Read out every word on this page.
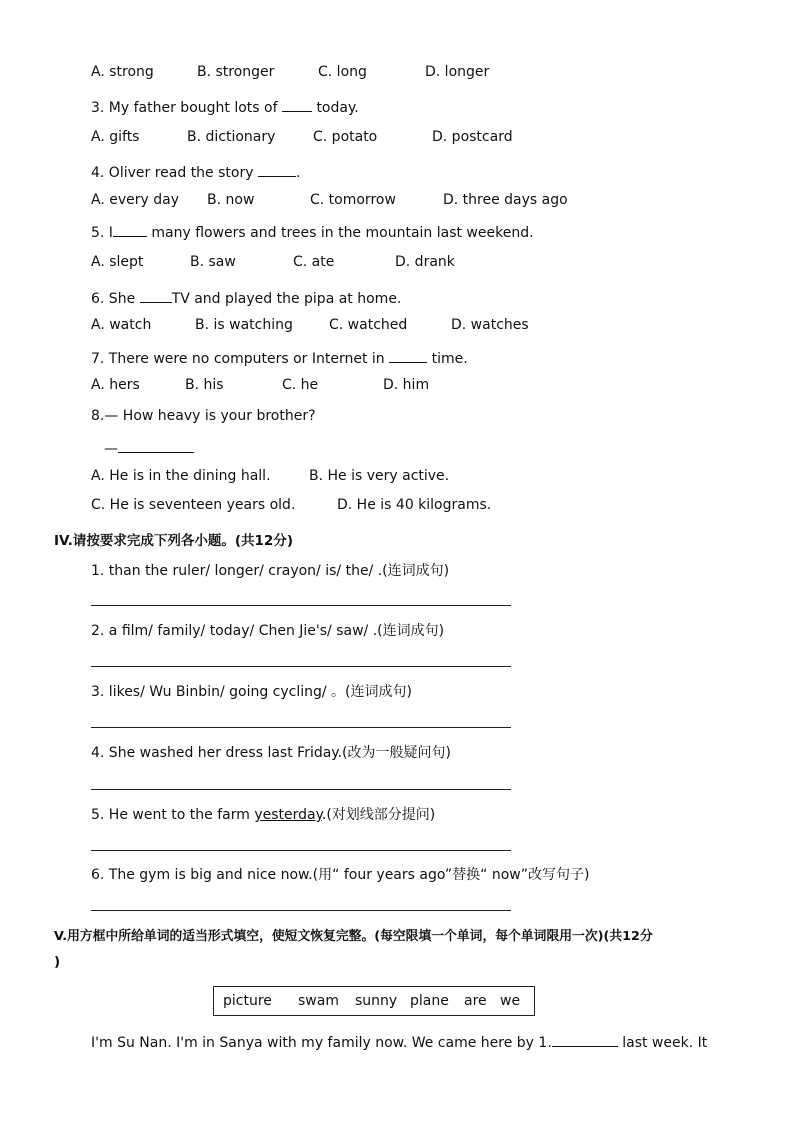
A. strong	B. stronger	C. long	D. longer
3. My father bought lots of	today.
A. gifts	B. dictionary	C. potato	D. postcard
4. Oliver read the story	.
A. every day B. now	C. tomorrow	D. three days ago
5. I	many flowers and trees in the mountain last weekend.
A. slept	B. saw	C. ate	D. drank
6. She	TV and played the pipa at home.
A. watch	B. is watching	C. watched	D. watches
7. There were no computers or Internet in	time.
A. hers	B. his	C. he	D. him
8.— How heavy is your brother?
—
A. He is in the dining hall.	B. He is very active.
C. He is seventeen years old.	D. He is 40 kilograms.
IV.请按要求完成下列各小题。(共12分)
1. than the ruler/ longer/ crayon/ is/ the/ .(连词成句)
2. a film/ family/ today/ Chen Jie's/ saw/ .(连词成句)
3. likes/ Wu Binbin/ going cycling/ 。(连词成句)
4. She washed her dress last Friday.(改为一般疑问句)
5. He went to the farm yesterday.(对划线部分提问)
6. The gym is big and nice now.(用“ four years ago”替换“ now”改写句子)
V.用方框中所给单词的适当形式填空，使短文恢复完整。(每空限填一个单词，每个单词限用一次)(共12分
)
picture swam sunny plane are we
I'm Su Nan. I'm in Sanya with my family now. We came here by 1.	last week. It
